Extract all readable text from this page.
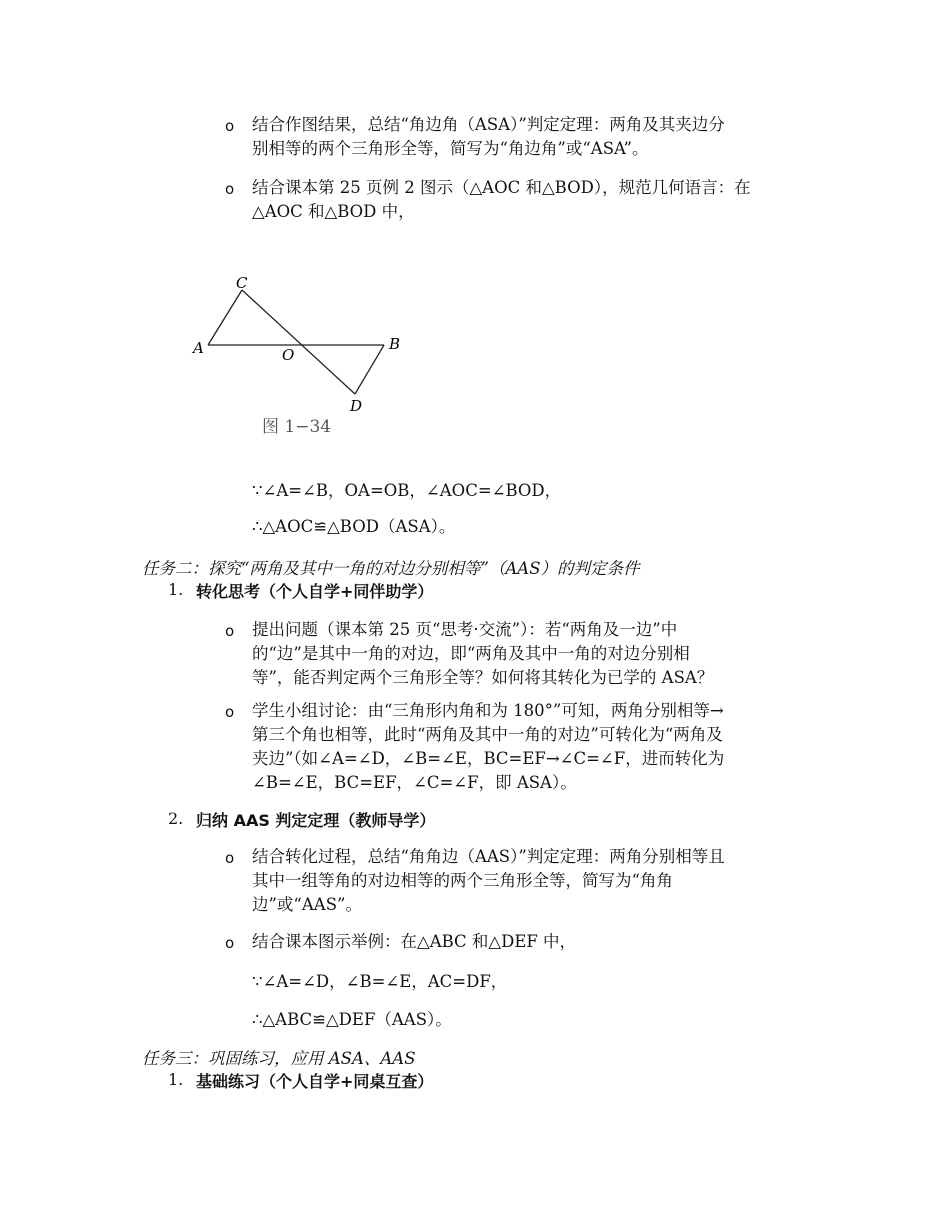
o 结合作图结果，总结“角边角（ASA）”判定定理：两角及其夹边分
别相等的两个三角形全等，简写为“角边角”或“ASA”。
o 结合课本第 25 页例 2 图示（△AOC 和△BOD），规范几何语言：在
△AOC 和△BOD 中，
C
A	O
B
D
图 1−34
∵∠A=∠B，OA=OB，∠AOC=∠BOD，
∴△AOC≌△BOD（ASA）。
任务二：探究“两角及其中一角的对边分别相等”（AAS）的判定条件
1. 转化思考（个人自学+同伴助学）
o 提出问题（课本第 25 页“思考·交流”）：若“两角及一边”中
的“边”是其中一角的对边，即“两角及其中一角的对边分别相
等”，能否判定两个三角形全等？如何将其转化为已学的 ASA？
o 学生小组讨论：由“三角形内角和为 180°”可知，两角分别相等→
第三个角也相等，此时“两角及其中一角的对边”可转化为“两角及
夹边”（如∠A=∠D，∠B=∠E，BC=EF→∠C=∠F，进而转化为
∠B=∠E，BC=EF，∠C=∠F，即 ASA）。
2. 归纳 AAS 判定定理（教师导学）
o 结合转化过程，总结“角角边（AAS）”判定定理：两角分别相等且
其中一组等角的对边相等的两个三角形全等，简写为“角角
边”或“AAS”。
o 结合课本图示举例：在△ABC 和△DEF 中，
∵∠A=∠D，∠B=∠E，AC=DF，
∴△ABC≌△DEF（AAS）。
任务三：巩固练习，应用 ASA、AAS
1. 基础练习（个人自学+同桌互查）
